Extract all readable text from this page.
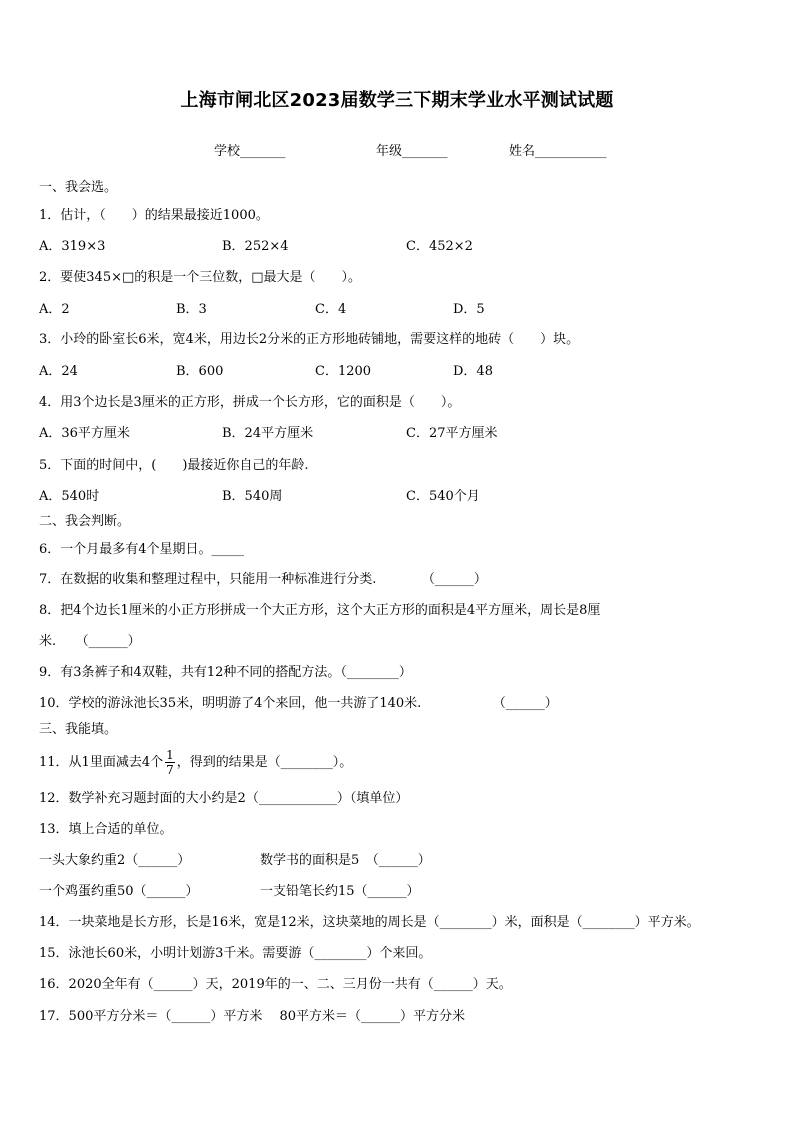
上海市闸北区2023届数学三下期末学业水平测试试题
学校_______	年级_______	姓名___________
一、我会选。
1．估计，（　　）的结果最接近1000。
A．319×3	B．252×4	C．452×2
2．要使345×□的积是一个三位数，□最大是（　　）。
A．2	B．3	C．4	D．5
3．小玲的卧室长6米，宽4米，用边长2分米的正方形地砖铺地，需要这样的地砖（　　）块。
A．24	B．600	C．1200	D．48
4．用3个边长是3厘米的正方形，拼成一个长方形，它的面积是（　　）。
A．36平方厘米	B．24平方厘米	C．27平方厘米
5．下面的时间中，(　　)最接近你自己的年龄.
A．540时	B．540周	C．540个月
二、我会判断。
6．一个月最多有4个星期日。_____
7．在数据的收集和整理过程中，只能用一种标准进行分类.　　　　（______）
8．把4个边长1厘米的小正方形拼成一个大正方形，这个大正方形的面积是4平方厘米，周长是8厘
米.　　（______）
9．有3条裤子和4双鞋，共有12种不同的搭配方法。（________）
10．学校的游泳池长35米，明明游了4个来回，他一共游了140米.　　　　　　（______）
三、我能填。
11．从1里面减去4个 $\frac{1}{7}$ ，得到的结果是（________）。
12．数学补充习题封面的大小约是2（____________）（填单位）
13．填上合适的单位。
一头大象约重2（______）	数学书的面积是5　（______）
一个鸡蛋约重50（______）	一支铅笔长约15（______）
14．一块菜地是长方形，长是16米，宽是12米，这块菜地的周长是（________）米，面积是（________）平方米。
15．泳池长60米，小明计划游3千米。需要游（________）个来回。
16．2020全年有（______）天，2019年的一、二、三月份一共有（______）天。
17．500平方分米＝（______）平方米　 80平方米＝（______）平方分米
